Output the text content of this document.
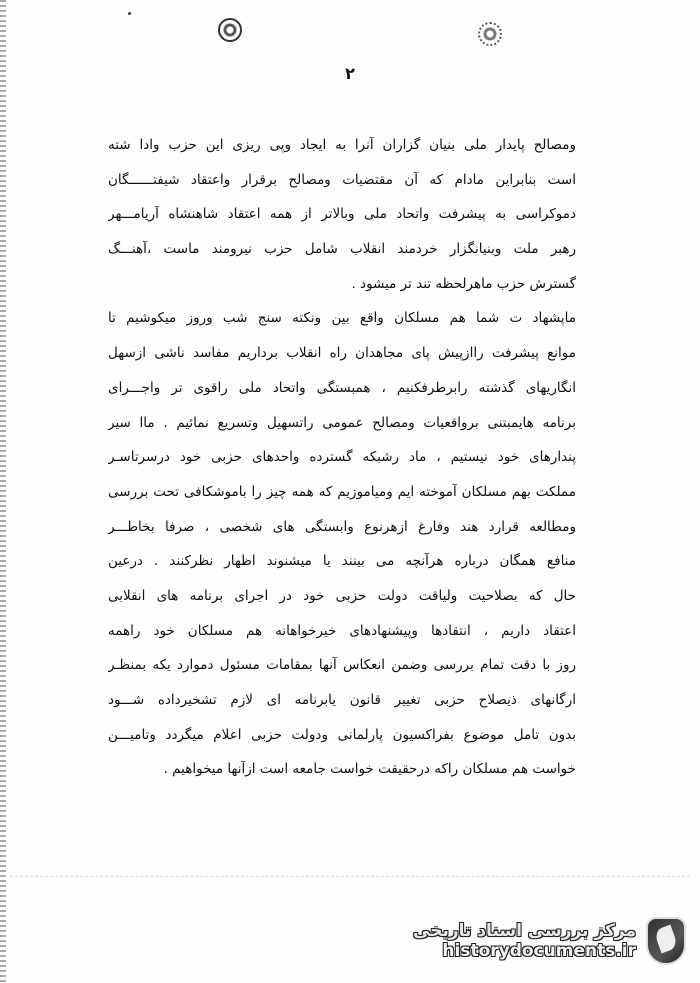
۲
ومصالح پایدار ملی بنیان گزاران آنرا به ایجاد وپی ریزی این حزب وادا شته
است بنابراین مادام که آن مقتضیات ومصالح برقرار واعتقاد شیفتــــــگان
دموکراسی به پیشرفت واتحاد ملی وبالاتر از همه اعتقاد شاهنشاه آریامـــهر
رهبر ملت وبنیانگزار خردمند انقلاب شامل حزب نیرومند ماست ،آهنـــگ
گسترش حزب ماهرلحظه تند تر میشود .
ماپشهاد ت شما هم مسلکان واقع بین ونکته سنج شب وروز میکوشیم تا
موانع پیشرفت راازپیش پای مجاهدان راه انقلاب برداریم مفاسد ناشی ازسهل
انگاریهای گذشته رابرطرفکنیم ، همبستگی واتحاد ملی راقوی تر واجـــرای
برنامه هایمبتنی برواقعیات ومصالح عمومی راتسهیل وتسریع نمائیم . ماا سیر
پندارهای خود نیستیم ، ماد رشبکه گسترده واحدهای حزبی خود درسرتاسـر
مملکت بهم مسلکان آموخته ایم ومیاموزیم که همه چیز را باموشکافی تحت بررسی
ومطالعه قرارد هند وفارغ ازهرنوع وابستگی های شخصی ، صرفا بخاطـــر
منافع همگان درباره هرآنچه می بینند یا میشنوند اظهار نظرکنند . درعین
حال که بصلاحیت ولیاقت دولت حزبی خود در اجرای برنامه های انقلابی
اعتقاد داریم ، انتقادها وپیشنهادهای خیرخواهانه هم مسلکان خود راهمه
روز با دقت تمام بررسی وضمن انعکاس آنها بمقامات مسئول دموارد یکه بمنظـر
ارگانهای ذیصلاح حزبی تغییر قانون یابرنامه ای لازم تشخیرداده شـــود
بدون تامل موضوع بفراکسیون پارلمانی ودولت حزبی اعلام میگردد وتامیـــن
خواست هم مسلکان راکه درحقیقت خواست جامعه است ازآنها میخواهیم .
مرکز بررسی اسناد تاریخی
historydocuments.ir
